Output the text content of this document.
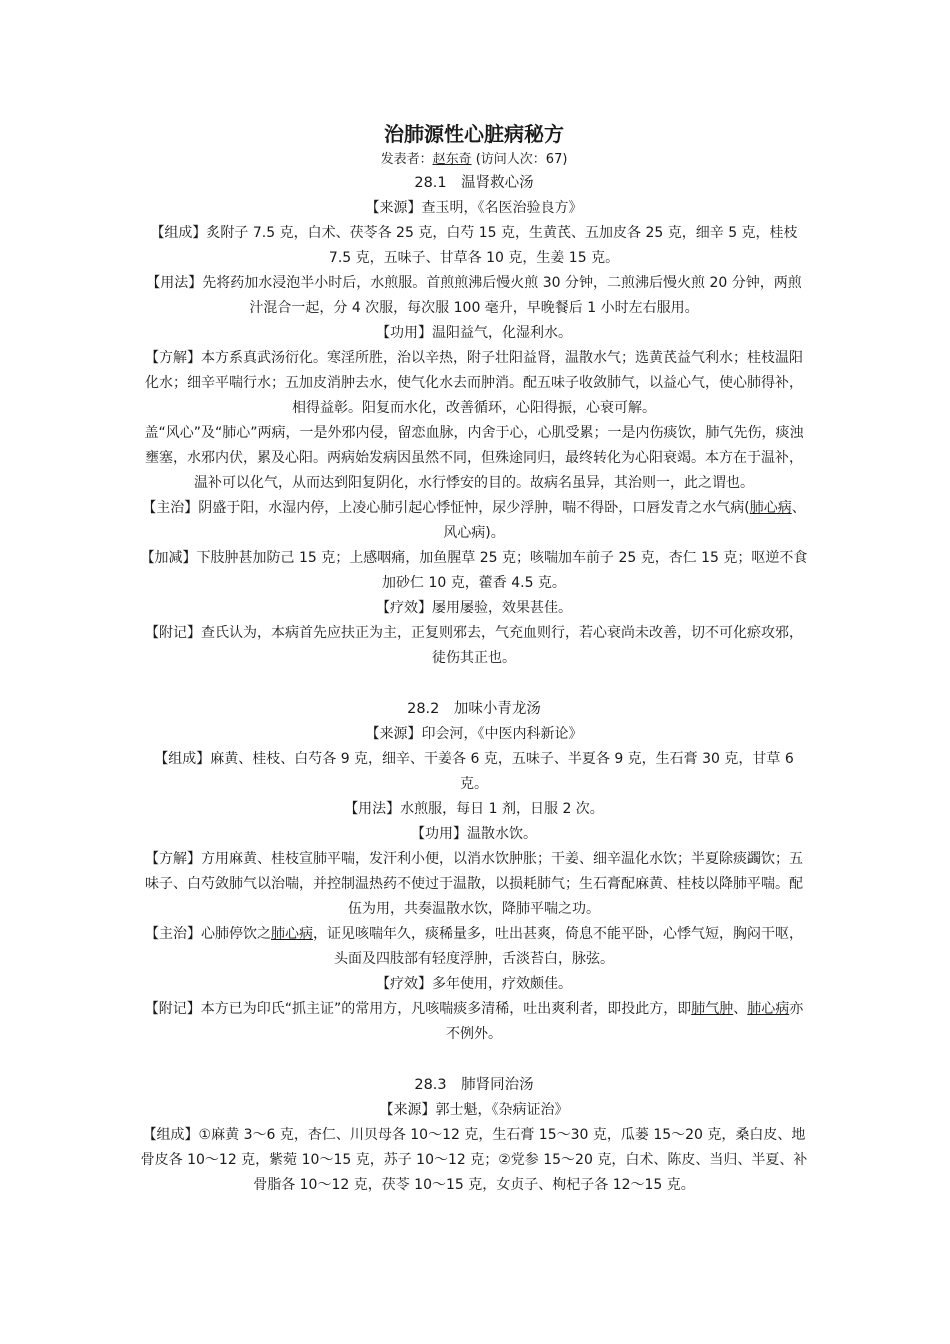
治肺源性心脏病秘方
发表者：赵东奇 (访问人次：67)
28.1　温肾救心汤

【来源】查玉明，《名医治验良方》

【组成】炙附子 7.5 克，白术、茯苓各 25 克，白芍 15 克，生黄芪、五加皮各 25 克，细辛 5 克，桂枝 7.5 克，五味子、甘草各 10 克，生姜 15 克。

【用法】先将药加水浸泡半小时后，水煎服。首煎煎沸后慢火煎 30 分钟，二煎沸后慢火煎 20 分钟，两煎汁混合一起，分 4 次服，每次服 100 毫升，早晚餐后 1 小时左右服用。

【功用】温阳益气，化湿利水。

【方解】本方系真武汤衍化。寒淫所胜，治以辛热，附子壮阳益肾，温散水气；选黄芪益气利水；桂枝温阳化水；细辛平喘行水；五加皮消肿去水，使气化水去而肿消。配五味子收敛肺气，以益心气，使心肺得补，相得益彰。阳复而水化，改善循环，心阳得振，心衰可解。

盖“风心”及“肺心”两病，一是外邪内侵，留恋血脉，内舍于心，心肌受累；一是内伤痰饮，肺气先伤，痰浊壅塞，水邪内伏，累及心阳。两病始发病因虽然不同，但殊途同归，最终转化为心阳衰竭。本方在于温补，温补可以化气，从而达到阳复阴化，水行悸安的目的。故病名虽异，其治则一，此之谓也。

【主治】阴盛于阳，水湿内停，上凌心肺引起心悸怔忡，尿少浮肿，喘不得卧，口唇发青之水气病(肺心病、风心病)。

【加减】下肢肿甚加防己 15 克；上感咽痛，加鱼腥草 25 克；咳喘加车前子 25 克，杏仁 15 克；呕逆不食加砂仁 10 克，藿香 4.5 克。

【疗效】屡用屡验，效果甚佳。

【附记】查氏认为，本病首先应扶正为主，正复则邪去，气充血则行，若心衰尚未改善，切不可化瘀攻邪，徒伤其正也。

28.2　加味小青龙汤

【来源】印会河，《中医内科新论》

【组成】麻黄、桂枝、白芍各 9 克，细辛、干姜各 6 克，五味子、半夏各 9 克，生石膏 30 克，甘草 6 克。

【用法】水煎服，每日 1 剂，日服 2 次。

【功用】温散水饮。

【方解】方用麻黄、桂枝宣肺平喘，发汗利小便，以消水饮肿胀；干姜、细辛温化水饮；半夏除痰蠲饮；五味子、白芍敛肺气以治喘，并控制温热药不使过于温散，以损耗肺气；生石膏配麻黄、桂枝以降肺平喘。配伍为用，共奏温散水饮，降肺平喘之功。

【主治】心肺停饮之肺心病，证见咳喘年久，痰稀量多，吐出甚爽，倚息不能平卧，心悸气短，胸闷干呕，头面及四肢部有轻度浮肿，舌淡苔白，脉弦。

【疗效】多年使用，疗效颇佳。

【附记】本方已为印氏“抓主证”的常用方，凡咳喘痰多清稀，吐出爽利者，即投此方，即肺气肿、肺心病亦不例外。

28.3　肺肾同治汤

【来源】郭士魁，《杂病证治》

【组成】①麻黄 3～6 克，杏仁、川贝母各 10～12 克，生石膏 15～30 克，瓜蒌 15～20 克，桑白皮、地骨皮各 10～12 克，紫菀 10～15 克，苏子 10～12 克；②党参 15～20 克，白术、陈皮、当归、半夏、补骨脂各 10～12 克，茯苓 10～15 克，女贞子、枸杞子各 12～15 克。
